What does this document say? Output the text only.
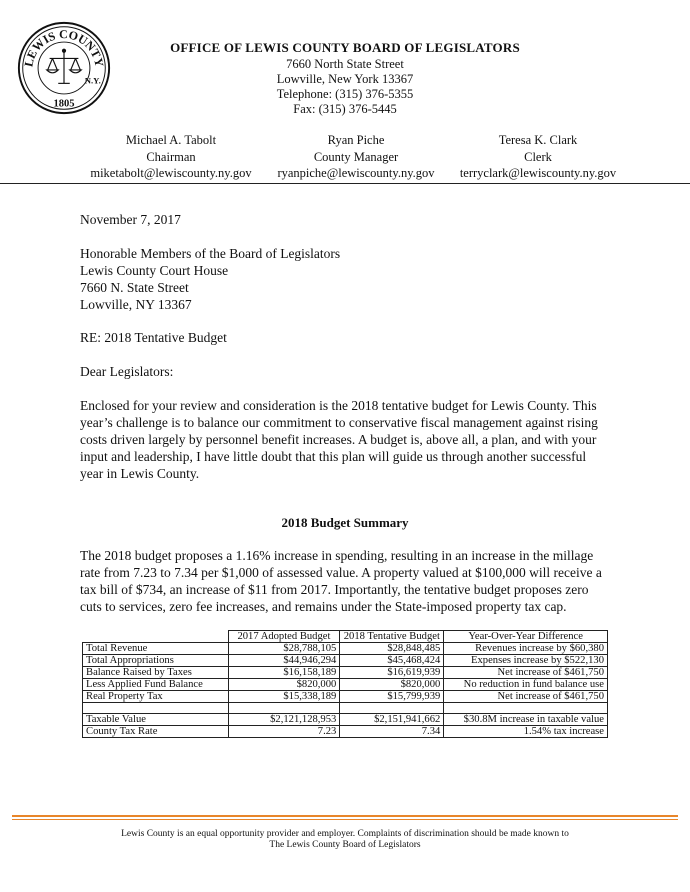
LEWIS COUNTY
N.Y.
1805
OFFICE OF LEWIS COUNTY BOARD OF LEGISLATORS
7660 North State Street
Lowville, New York 13367
Telephone: (315) 376-5355
Fax: (315) 376-5445
Michael A. Tabolt
Chairman
miketabolt@lewiscounty.ny.gov
Ryan Piche
County Manager
ryanpiche@lewiscounty.ny.gov
Teresa K. Clark
Clerk
terryclark@lewiscounty.ny.gov
November 7, 2017
Honorable Members of the Board of Legislators
Lewis County Court House
7660 N. State Street
Lowville, NY 13367
RE: 2018 Tentative Budget
Dear Legislators:
Enclosed for your review and consideration is the 2018 tentative budget for Lewis County. This year’s challenge is to balance our commitment to conservative fiscal management against rising costs driven largely by personnel benefit increases. A budget is, above all, a plan, and with your input and leadership, I have little doubt that this plan will guide us through another successful year in Lewis County.
2018 Budget Summary
The 2018 budget proposes a 1.16% increase in spending, resulting in an increase in the millage rate from 7.23 to 7.34 per $1,000 of assessed value. A property valued at $100,000 will receive a tax bill of $734, an increase of $11 from 2017. Importantly, the tentative budget proposes zero cuts to services, zero fee increases, and remains under the State-imposed property tax cap.
	2017 Adopted Budget	2018 Tentative Budget	Year-Over-Year Difference
Total Revenue	$28,788,105	$28,848,485	Revenues increase by $60,380
Total Appropriations	$44,946,294	$45,468,424	Expenses increase by $522,130
Balance Raised by Taxes	$16,158,189	$16,619,939	Net increase of $461,750
Less Applied Fund Balance	$820,000	$820,000	No reduction in fund balance use
Real Property Tax	$15,338,189	$15,799,939	Net increase of $461,750

Taxable Value	$2,121,128,953	$2,151,941,662	$30.8M increase in taxable value
County Tax Rate	7.23	7.34	1.54% tax increase
Lewis County is an equal opportunity provider and employer. Complaints of discrimination should be made known to
The Lewis County Board of Legislators
